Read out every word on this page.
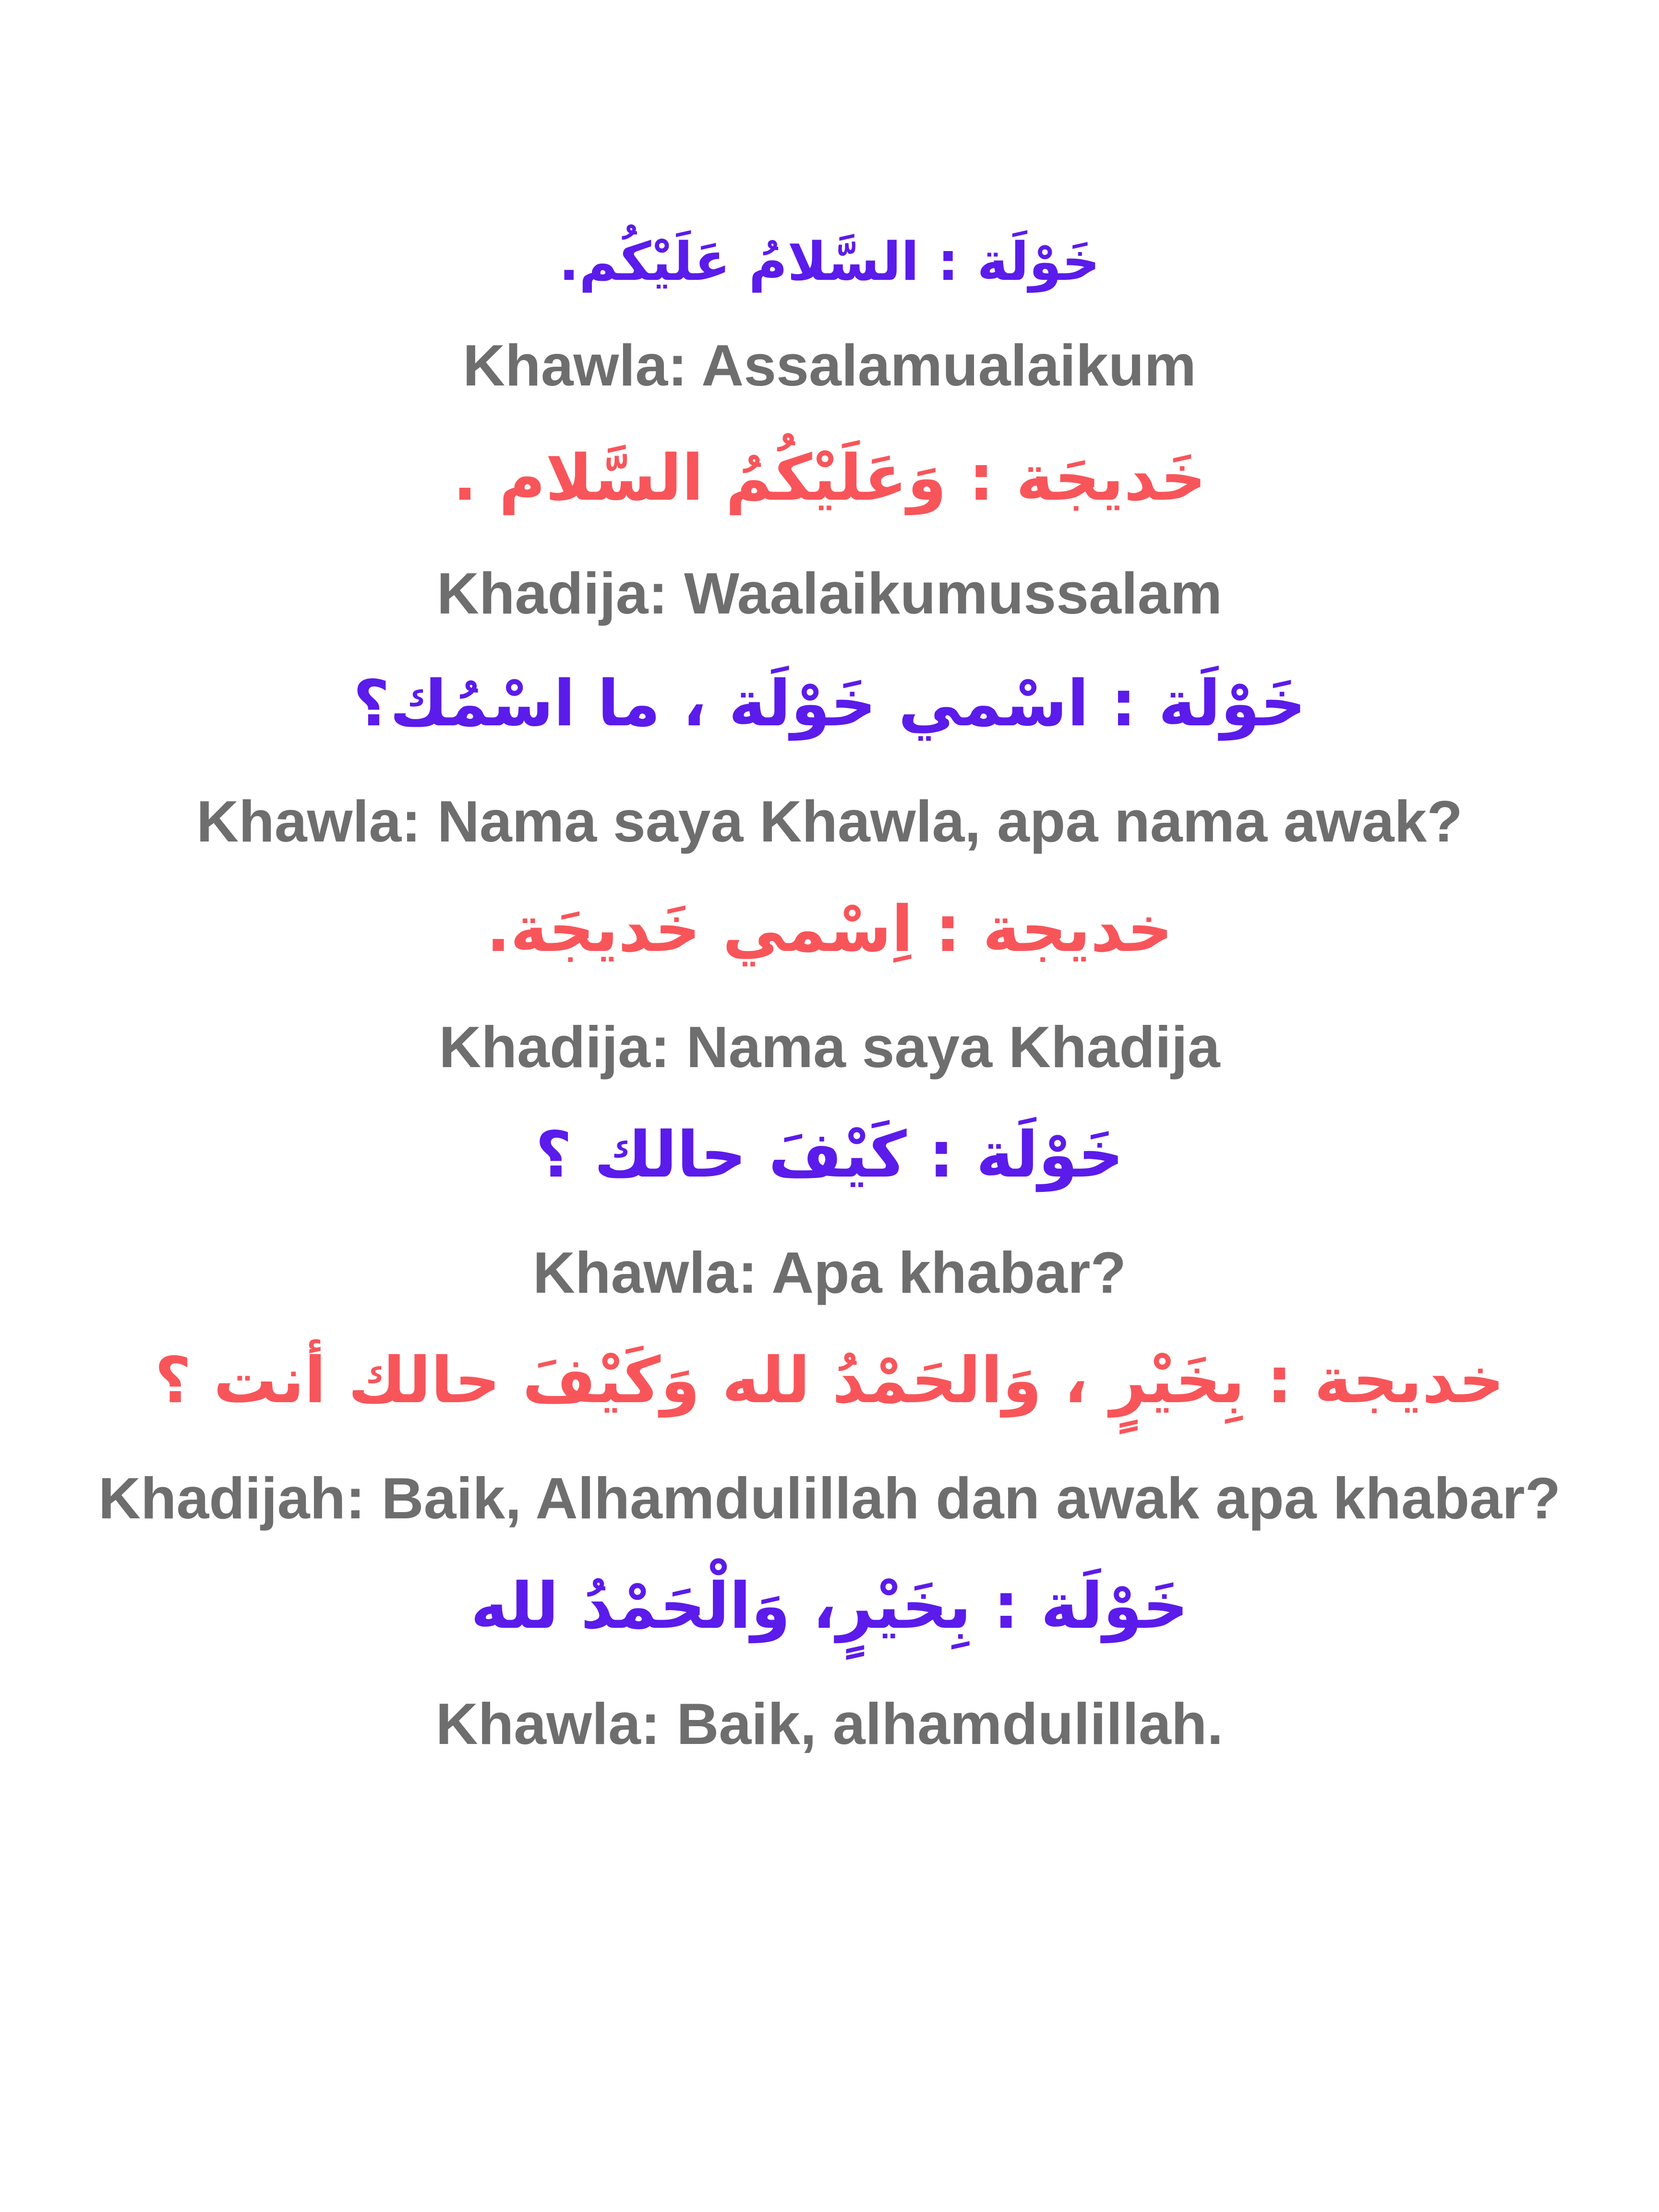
خَوْلَة : السَّلامُ عَلَيْكُم.
Khawla: Assalamualaikum
خَديجَة : وَعَلَيْكُمُ السَّلام .
Khadija: Waalaikumussalam
خَوْلَة : اسْمي خَوْلَة ، ما اسْمُك؟
Khawla: Nama saya Khawla, apa nama awak?
خديجة : اِسْمي خَديجَة.
Khadija: Nama saya Khadija
خَوْلَة : كَيْفَ حالك ؟
Khawla: Apa khabar?
خديجة : بِخَيْرٍ ، وَالحَمْدُ لله وَكَيْفَ حالك أنت ؟
Khadijah: Baik, Alhamdulillah dan awak apa khabar?
خَوْلَة : بِخَيْرٍ، وَالْحَمْدُ لله
Khawla: Baik, alhamdulillah.
